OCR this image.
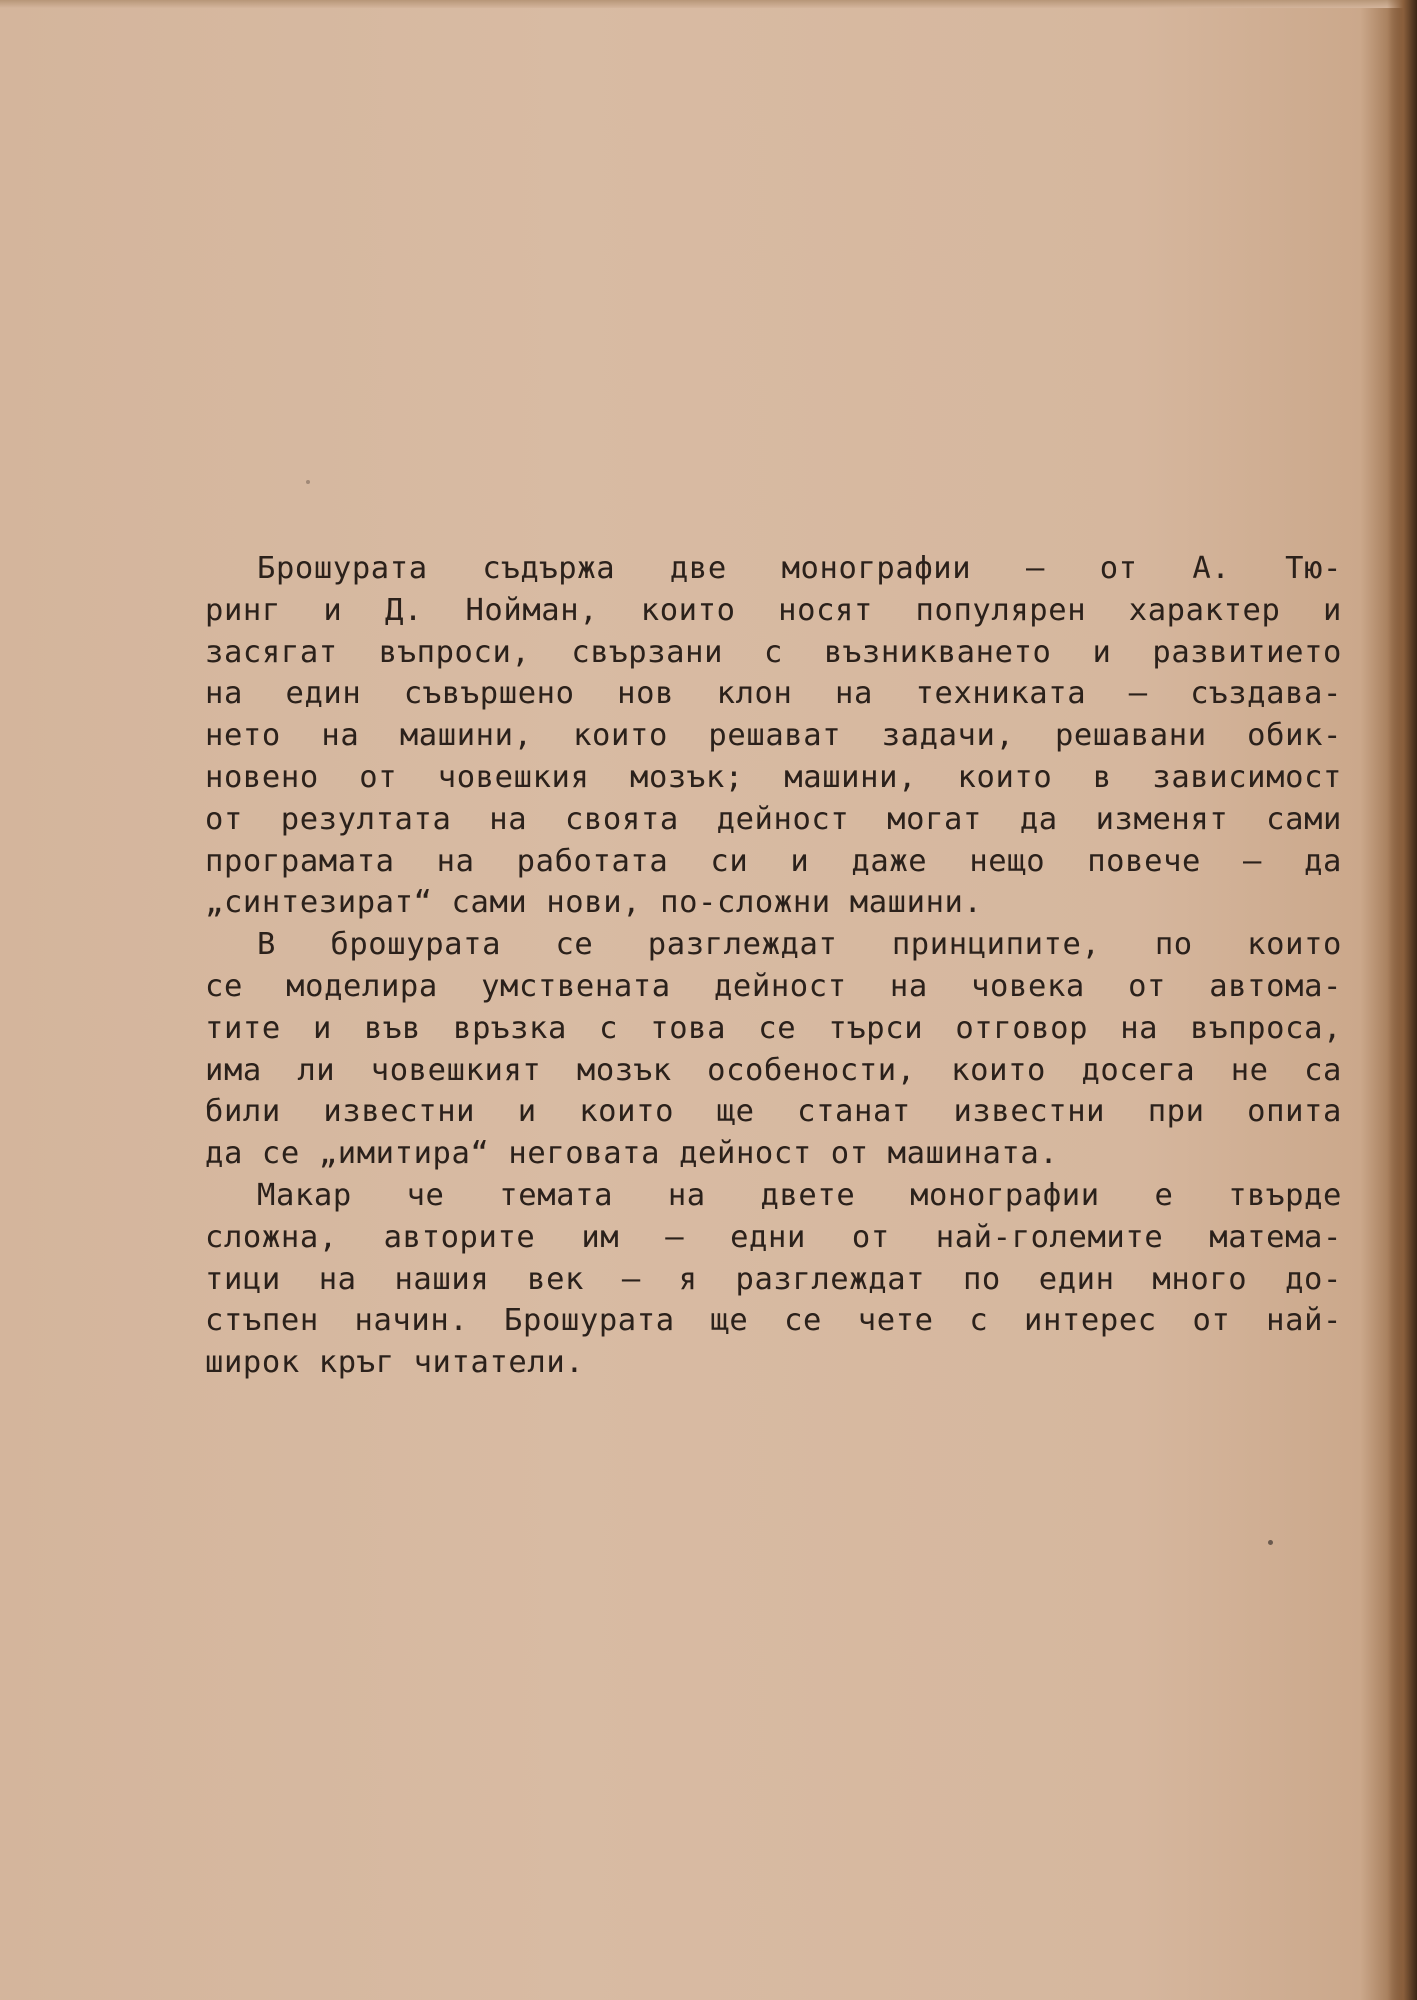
Брошурата съдържа две монографии — от А. Тю-
ринг и Д. Нойман, които носят популярен характер и
засягат въпроси, свързани с възникването и развитието
на един съвършено нов клон на техниката — създава-
нето на машини, които решават задачи, решавани обик-
новено от човешкия мозък; машини, които в зависимост
от резултата на своята дейност могат да изменят сами
програмата на работата си и даже нещо повече — да
„синтезират“ сами нови, по-сложни машини.

В брошурата се разглеждат принципите, по които
се моделира умствената дейност на човека от автома-
тите и във връзка с това се търси отговор на въпроса,
има ли човешкият мозък особености, които досега не са
били известни и които ще станат известни при опита
да се „имитира“ неговата дейност от машината.

Макар че темата на двете монографии е твърде
сложна, авторите им — едни от най-големите матема-
тици на нашия век — я разглеждат по един много до-
стъпен начин. Брошурата ще се чете с интерес от най-
широк кръг читатели.
